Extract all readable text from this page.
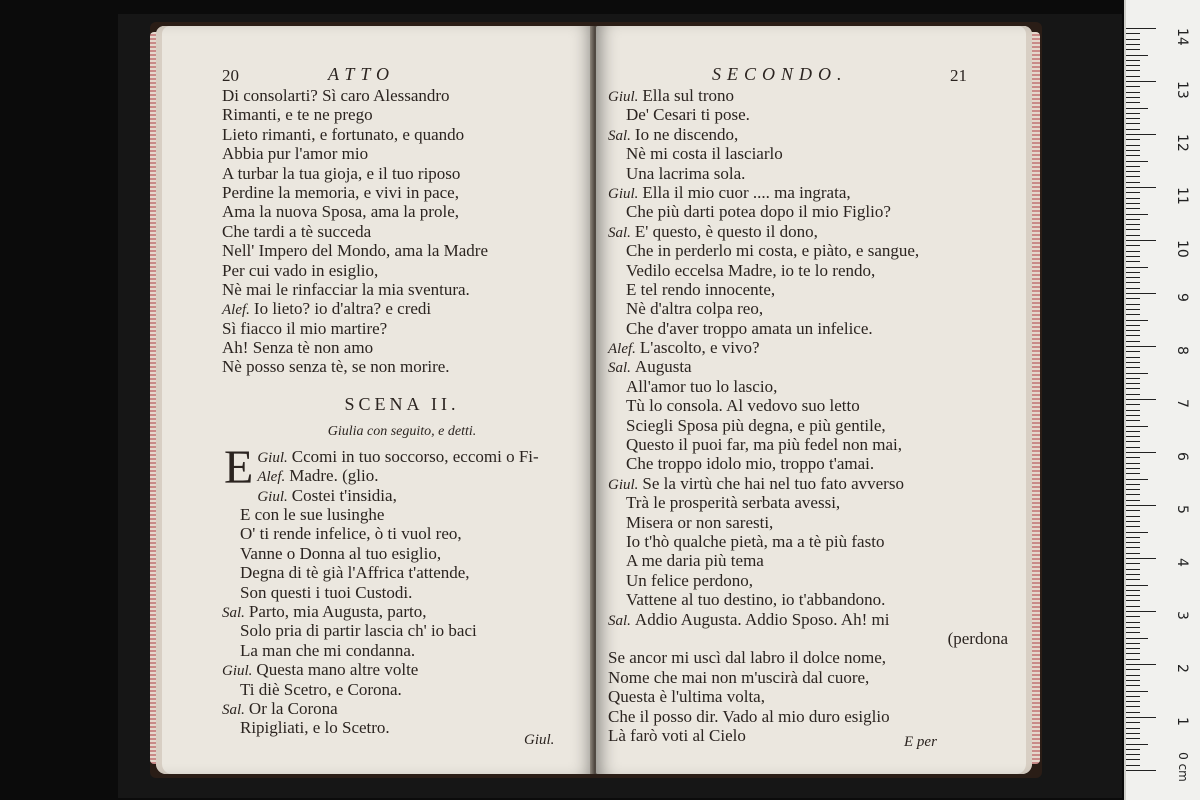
20	ATTO
Di consolarti? Sì caro Alessandro
Rimanti, e te ne prego
Lieto rimanti, e fortunato, e quando
Abbia pur l'amor mio
A turbar la tua gioja, e il tuo riposo
Perdine la memoria, e vivi in pace,
Ama la nuova Sposa, ama la prole,
Che tardi a tè succeda
Nell' Impero del Mondo, ama la Madre
Per cui vado in esiglio,
Nè mai le rinfacciar la mia sventura.
Alef. Io lieto? io d'altra? e credi
Sì fiacco il mio martire?
Ah! Senza tè non amo
Nè posso senza tè, se non morire.
SCENA II.
Giulia con seguito, e detti.
Giul.
E Ccomi in tuo soccorso, eccomi o Fi-
Alef. Madre. (glio.
Giul. Costei t'insidia,
E con le sue lusinghe
O' ti rende infelice, ò ti vuol reo,
Vanne o Donna al tuo esiglio,
Degna di tè già l'Affrica t'attende,
Son questi i tuoi Custodi.
Sal. Parto, mia Augusta, parto,
Solo pria di partir lascia ch' io baci
La man che mi condanna.
Giul. Questa mano altre volte
Ti diè Scetro, e Corona.
Sal. Or la Corona
Ripigliati, e lo Scetro.
Giul.
SECONDO.	21
Giul. Ella sul trono
De' Cesari ti pose.
Sal. Io ne discendo,
Nè mi costa il lasciarlo
Una lacrima sola.
Giul. Ella il mio cuor .... ma ingrata,
Che più darti potea dopo il mio Figlio?
Sal. E' questo, è questo il dono,
Che in perderlo mi costa, e piàto, e sangue,
Vedilo eccelsa Madre, io te lo rendo,
E tel rendo innocente,
Nè d'altra colpa reo,
Che d'aver troppo amata un infelice.
Alef. L'ascolto, e vivo?
Sal. Augusta
All'amor tuo lo lascio,
Tù lo consola. Al vedovo suo letto
Sciegli Sposa più degna, e più gentile,
Questo il puoi far, ma più fedel non mai,
Che troppo idolo mio, troppo t'amai.
Giul. Se la virtù che hai nel tuo fato avverso
Trà le prosperità serbata avessi,
Misera or non saresti,
Io t'hò qualche pietà, ma a tè più fasto
A me daria più tema
Un felice perdono,
Vattene al tuo destino, io t'abbandono.
Sal. Addio Augusta. Addio Sposo. Ah! mi
(perdona
Se ancor mi uscì dal labro il dolce nome,
Nome che mai non m'uscirà dal cuore,
Questa è l'ultima volta,
Che il posso dir. Vado al mio duro esiglio
Là farò voti al Cielo	E per
14
13
12
11
10
9
8
7
6
5
4
3
2
1
0 cm
